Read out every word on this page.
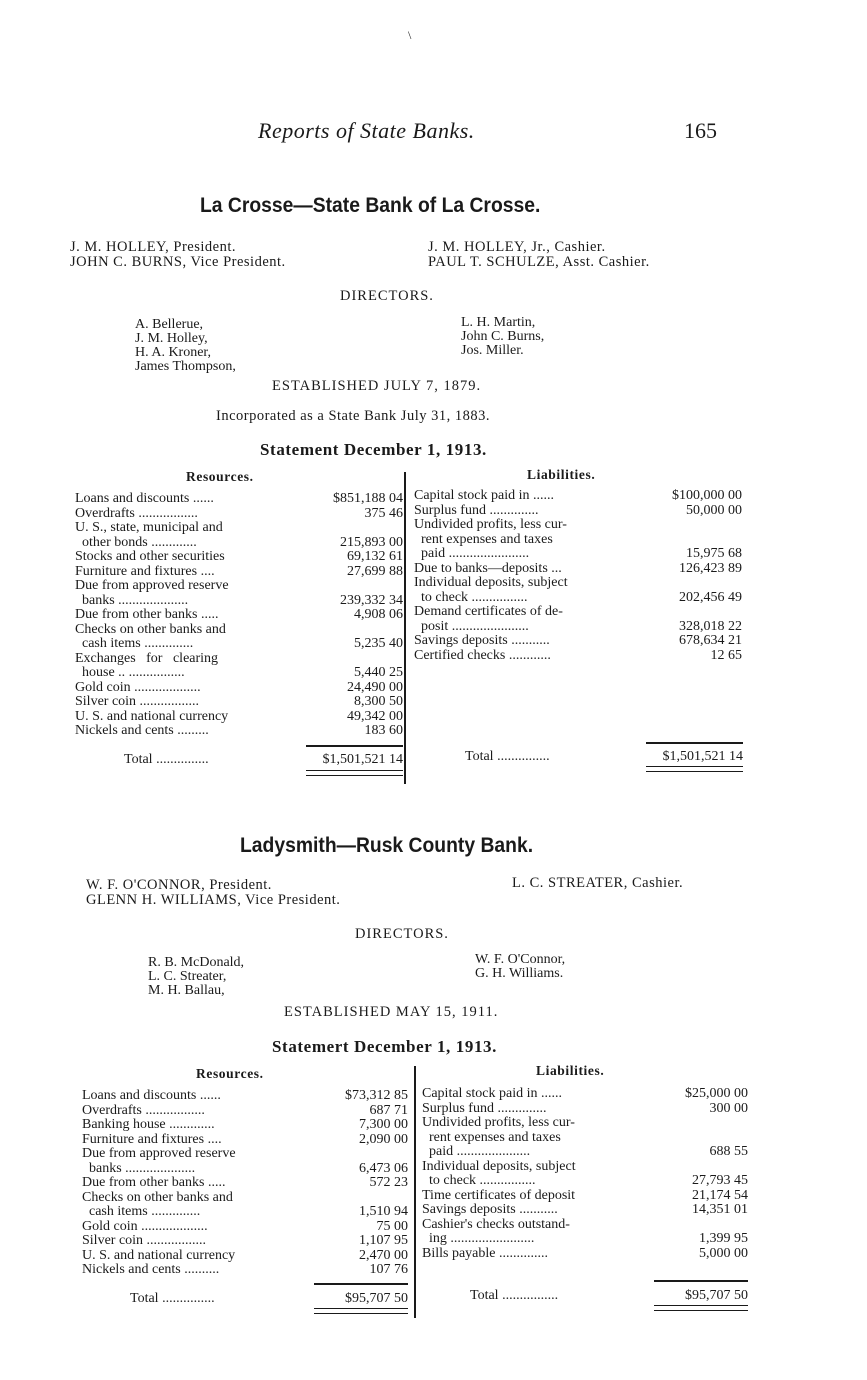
\
Reports of State Banks.	165
La Crosse—State Bank of La Crosse.
J. M. HOLLEY, President.
JOHN C. BURNS, Vice President.
J. M. HOLLEY, Jr., Cashier.
PAUL T. SCHULZE, Asst. Cashier.
DIRECTORS.
A. Bellerue,
J. M. Holley,
H. A. Kroner,
James Thompson,
L. H. Martin,
John C. Burns,
Jos. Miller.
ESTABLISHED JULY 7, 1879.
Incorporated as a State Bank July 31, 1883.
Statement December 1, 1913.
Resources.	Liabilities.
Loans and discounts ......	$851,188 04
Overdrafts .................	375 46
U. S., state, municipal and
other bonds .............	215,893 00
Stocks and other securities	69,132 61
Furniture and fixtures ....	27,699 88
Due from approved reserve
banks ....................	239,332 34
Due from other banks .....	4,908 06
Checks on other banks and
cash items ..............	5,235 40
Exchanges   for   clearing
house .. ................	5,440 25
Gold coin ...................	24,490 00
Silver coin .................	8,300 50
U. S. and national currency	49,342 00
Nickels and cents .........	183 60
Capital stock paid in ......	$100,000 00
Surplus fund ..............	50,000 00
Undivided profits, less cur-
rent expenses and taxes
paid .......................	15,975 68
Due to banks—deposits ...	126,423 89
Individual deposits, subject
to check ................	202,456 49
Demand certificates of de-
posit ......................	328,018 22
Savings deposits ...........	678,634 21
Certified checks ............	12 65
Total ...............	$1,501,521 14	Total ...............	$1,501,521 14
Ladysmith—Rusk County Bank.
W. F. O'CONNOR, President.
GLENN H. WILLIAMS, Vice President.
L. C. STREATER, Cashier.
DIRECTORS.
R. B. McDonald,
L. C. Streater,
M. H. Ballau,
W. F. O'Connor,
G. H. Williams.
ESTABLISHED MAY 15, 1911.
Statemert December 1, 1913.
Resources.	Liabilities.
Loans and discounts ......	$73,312 85
Overdrafts .................	687 71
Banking house .............	7,300 00
Furniture and fixtures ....	2,090 00
Due from approved reserve
banks ....................	6,473 06
Due from other banks .....	572 23
Checks on other banks and
cash items ..............	1,510 94
Gold coin ...................	75 00
Silver coin .................	1,107 95
U. S. and national currency	2,470 00
Nickels and cents ..........	107 76
Capital stock paid in ......	$25,000 00
Surplus fund ..............	300 00
Undivided profits, less cur-
rent expenses and taxes
paid .....................	688 55
Individual deposits, subject
to check ................	27,793 45
Time certificates of deposit	21,174 54
Savings deposits ...........	14,351 01
Cashier's checks outstand-
ing ........................	1,399 95
Bills payable ..............	5,000 00
Total ...............	$95,707 50	Total ................	$95,707 50
